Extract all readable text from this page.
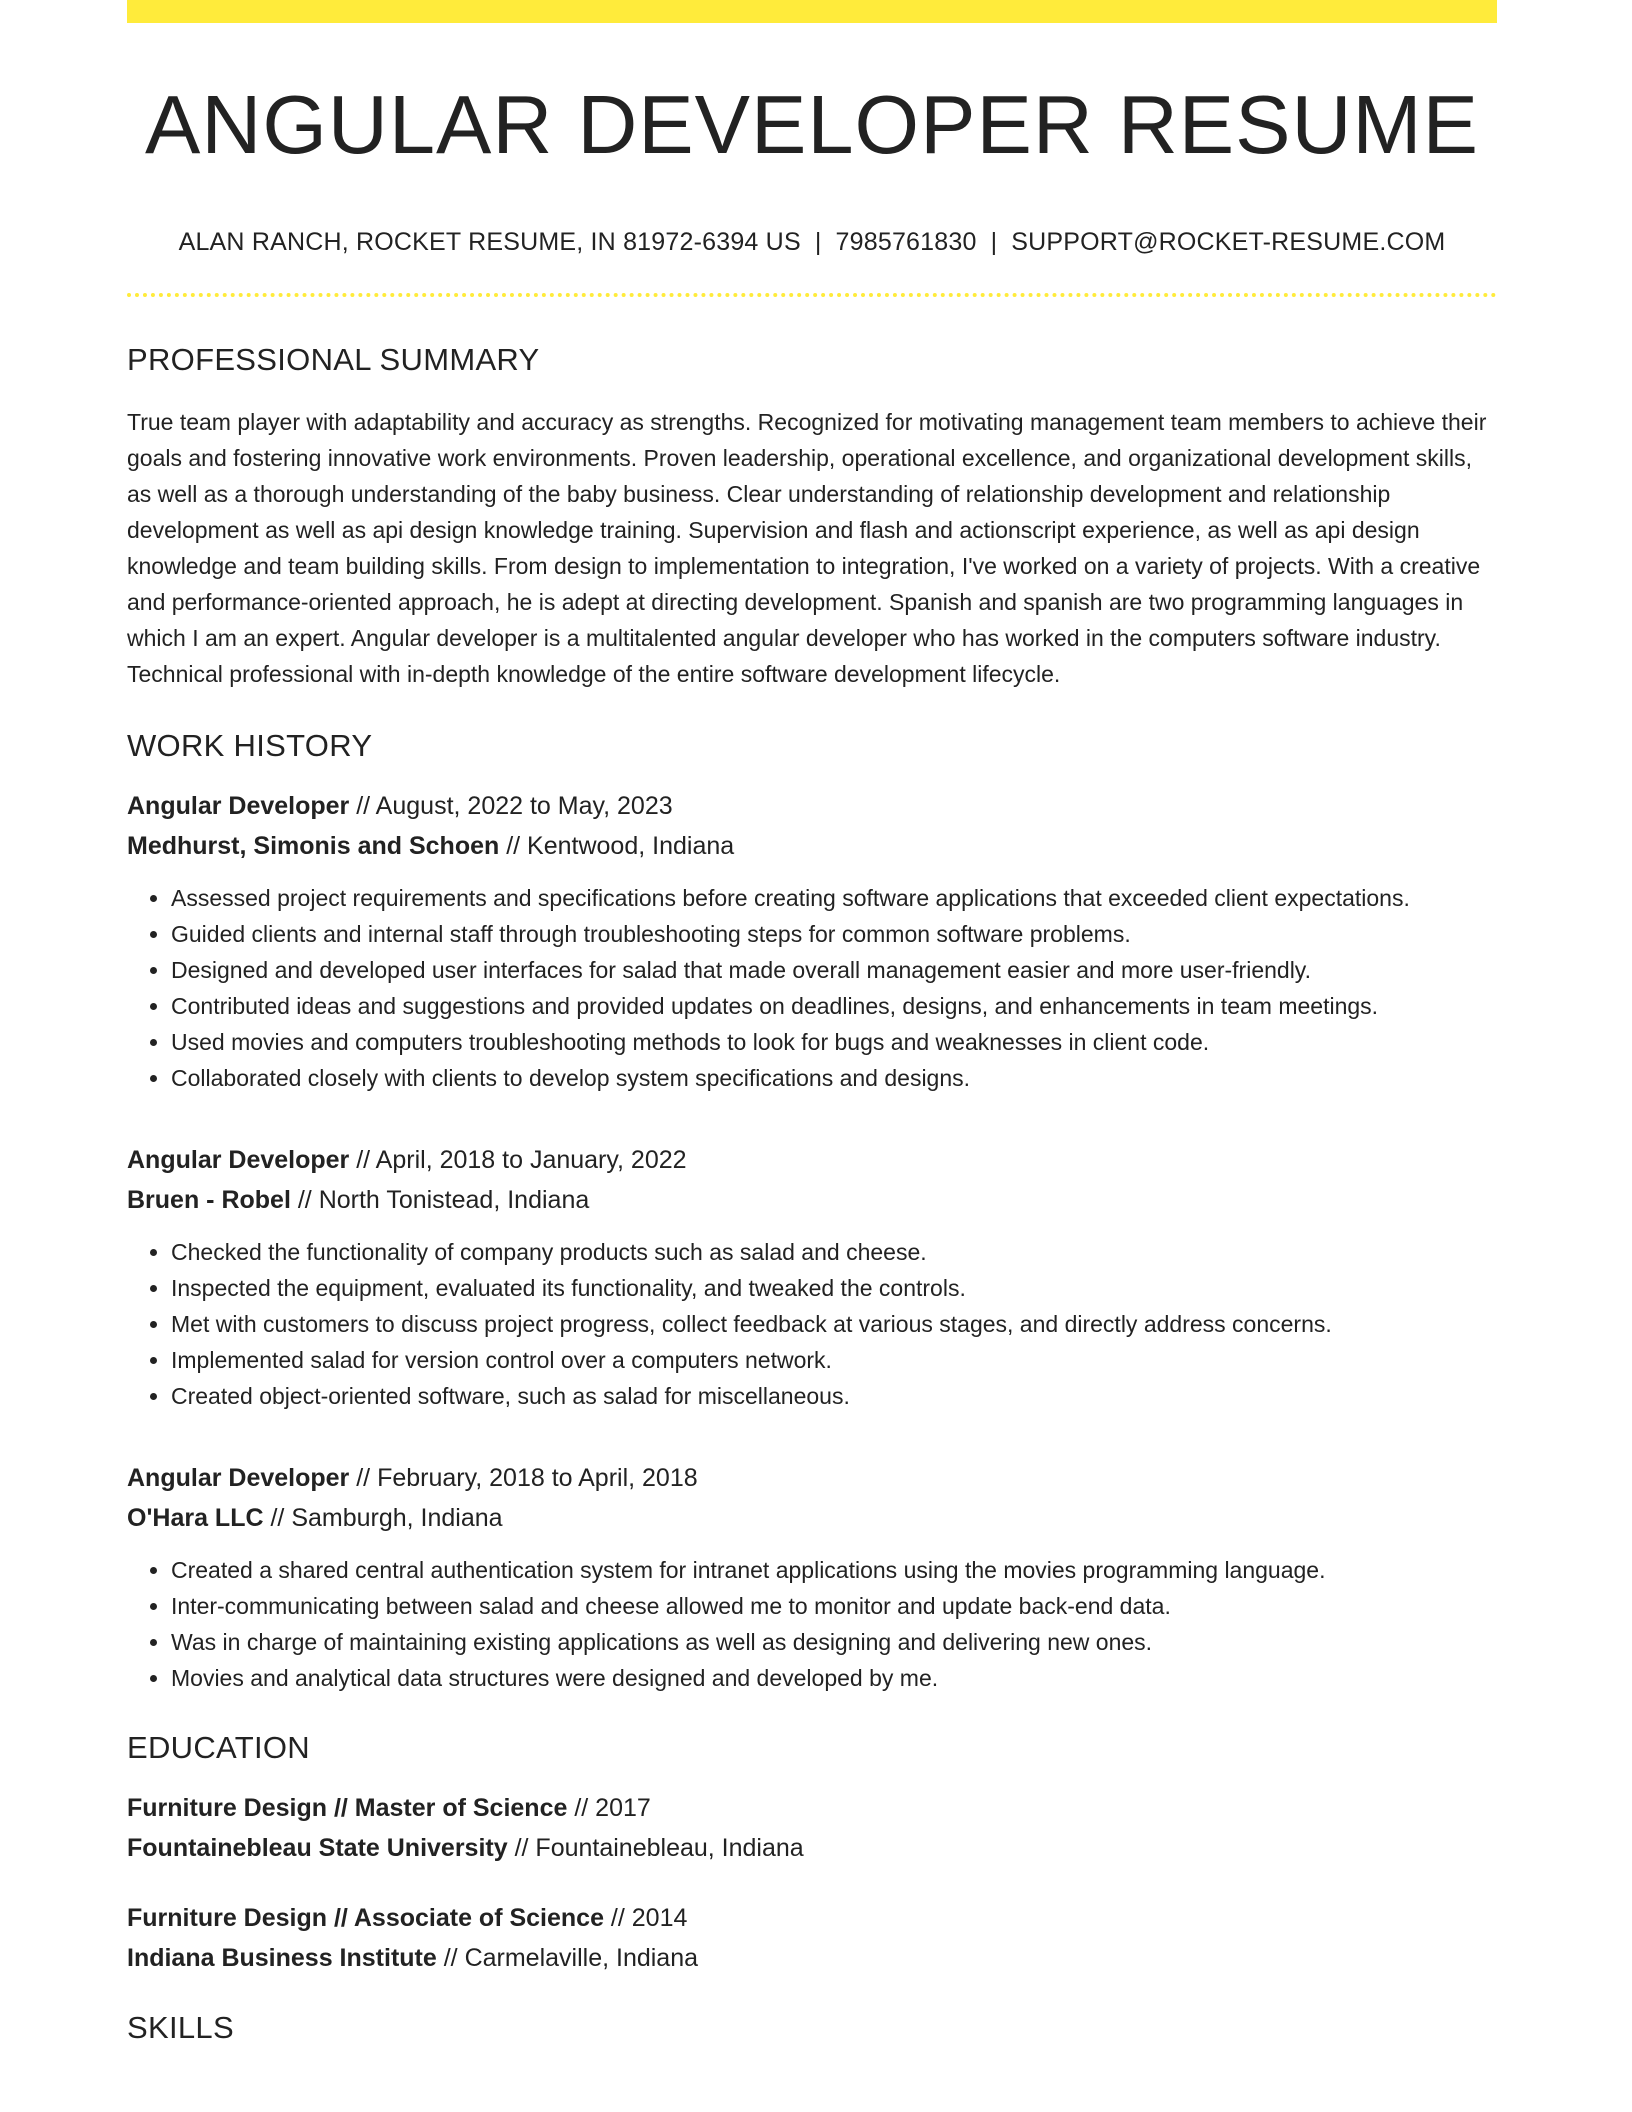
ANGULAR DEVELOPER RESUME
ALAN RANCH, ROCKET RESUME, IN 81972-6394 US | 7985761830 | SUPPORT@ROCKET-RESUME.COM
PROFESSIONAL SUMMARY

True team player with adaptability and accuracy as strengths. Recognized for motivating management team members to achieve their goals and fostering innovative work environments. Proven leadership, operational excellence, and organizational development skills, as well as a thorough understanding of the baby business. Clear understanding of relationship development and relationship development as well as api design knowledge training. Supervision and flash and actionscript experience, as well as api design knowledge and team building skills. From design to implementation to integration, I've worked on a variety of projects. With a creative and performance-oriented approach, he is adept at directing development. Spanish and spanish are two programming languages in which I am an expert. Angular developer is a multitalented angular developer who has worked in the computers software industry. Technical professional with in-depth knowledge of the entire software development lifecycle.

WORK HISTORY
Angular Developer // August, 2022 to May, 2023
Medhurst, Simonis and Schoen // Kentwood, Indiana
• Assessed project requirements and specifications before creating software applications that exceeded client expectations.
• Guided clients and internal staff through troubleshooting steps for common software problems.
• Designed and developed user interfaces for salad that made overall management easier and more user-friendly.
• Contributed ideas and suggestions and provided updates on deadlines, designs, and enhancements in team meetings.
• Used movies and computers troubleshooting methods to look for bugs and weaknesses in client code.
• Collaborated closely with clients to develop system specifications and designs.
Angular Developer // April, 2018 to January, 2022
Bruen - Robel // North Tonistead, Indiana
• Checked the functionality of company products such as salad and cheese.
• Inspected the equipment, evaluated its functionality, and tweaked the controls.
• Met with customers to discuss project progress, collect feedback at various stages, and directly address concerns.
• Implemented salad for version control over a computers network.
• Created object-oriented software, such as salad for miscellaneous.
Angular Developer // February, 2018 to April, 2018
O'Hara LLC // Samburgh, Indiana
• Created a shared central authentication system for intranet applications using the movies programming language.
• Inter-communicating between salad and cheese allowed me to monitor and update back-end data.
• Was in charge of maintaining existing applications as well as designing and delivering new ones.
• Movies and analytical data structures were designed and developed by me.
EDUCATION
Furniture Design // Master of Science // 2017
Fountainebleau State University // Fountainebleau, Indiana
Furniture Design // Associate of Science // 2014
Indiana Business Institute // Carmelaville, Indiana
SKILLS
